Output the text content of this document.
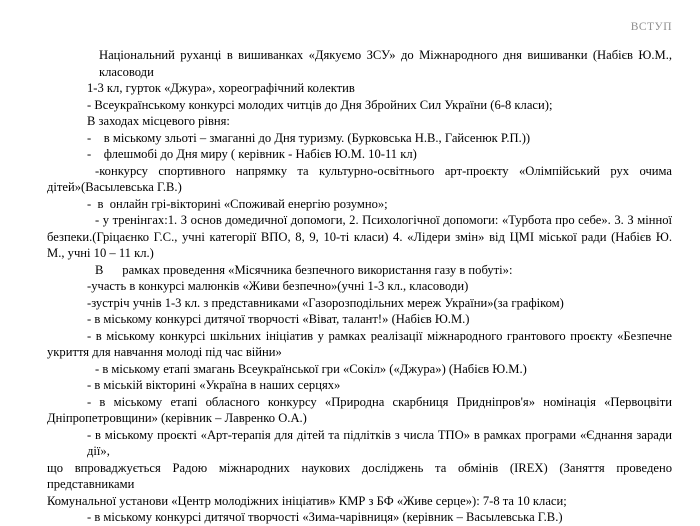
ВСТУП
Національний руханці в вишиванках «Дякуємо ЗСУ» до Міжнародного дня вишиванки (Набієв Ю.М., класоводи
1-3 кл, гурток «Джура», хореографічний колектив
- Всеукраїнському конкурсі молодих читців до Дня Збройних Сил України (6-8 класи);
В заходах місцевого рівня:
-    в міському зльоті – змаганні до Дня туризму. (Бурковська Н.В., Гайсенюк Р.П.))
-    флешмобі до Дня миру ( керівник - Набієв Ю.М. 10-11 кл)
-конкурсу спортивного напрямку та культурно-освітнього арт-проєкту «Олімпійський рух очима
дітей»(Васылевська Г.В.)
-  в  онлайн грі-вікторині «Споживай енергію розумно»;
- у тренінгах:1. З основ домедичної допомоги, 2. Психологічної допомоги: «Турбота про себе». 3. З мінної
безпеки.(Гріцаєнко Г.С., учні категорії ВПО, 8, 9, 10-ті класи) 4. «Лідери змін» від ЦМІ міської ради (Набієв Ю.
М., учні 10 – 11 кл.)
В      рамках проведення «Місячника безпечного використання газу в побуті»:
-участь в конкурсі малюнків «Живи безпечно»(учні 1-3 кл., класоводи)
-зустріч учнів 1-3 кл. з представниками «Газорозподільних мереж України»(за графіком)
- в міському конкурсі дитячої творчості «Віват, талант!» (Набієв Ю.М.)
- в міському конкурсі шкільних ініціатив у рамках реалізації міжнародного грантового проєкту «Безпечне
укриття для навчання молоді під час війни»
- в міському етапі змагань Всеукраїнської гри «Сокіл» («Джура») (Набієв Ю.М.)
- в міській вікторині «Україна в наших серцях»
- в міському етапі обласного конкурсу «Природна скарбниця Придніпров'я» номінація «Первоцвіти
Дніпропетровщини» (керівник – Лавренко О.А.)
- в міському проєкті «Арт-терапія для дітей та підлітків з числа ТПО» в рамках програми «Єднання заради дії»,
що впроваджується Радою міжнародних наукових досліджень та обмінів (IREX) (Заняття проведено представниками
Комунальної установи «Центр молодіжних ініціатив» КМР з БФ «Живе серце»): 7-8 та 10 класи;
- в міському конкурсі дитячої творчості «Зима-чарівниця» (керівник – Васылевська Г.В.)
